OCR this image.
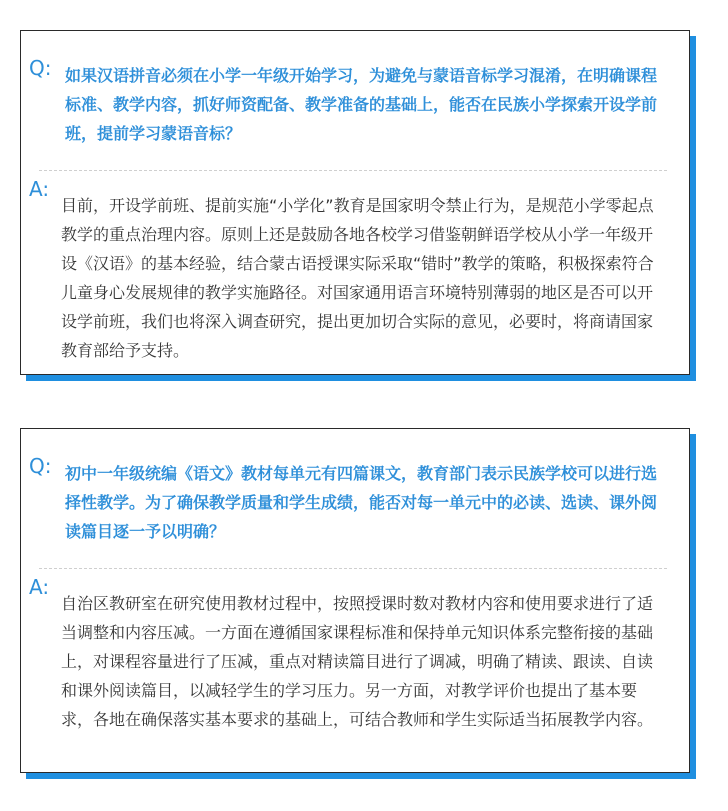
Q: 如果汉语拼音必须在小学一年级开始学习，为避免与蒙语音标学习混淆，在明确课程标准、教学内容，抓好师资配备、教学准备的基础上，能否在民族小学探索开设学前班，提前学习蒙语音标？

A:

目前，开设学前班、提前实施“小学化”教育是国家明令禁止行为，是规范小学零起点教学的重点治理内容。原则上还是鼓励各地各校学习借鉴朝鲜语学校从小学一年级开设《汉语》的基本经验，结合蒙古语授课实际采取“错时”教学的策略，积极探索符合儿童身心发展规律的教学实施路径。对国家通用语言环境特别薄弱的地区是否可以开设学前班，我们也将深入调查研究，提出更加切合实际的意见，必要时，将商请国家教育部给予支持。

Q: 初中一年级统编《语文》教材每单元有四篇课文，教育部门表示民族学校可以进行选择性教学。为了确保教学质量和学生成绩，能否对每一单元中的必读、选读、课外阅读篇目逐一予以明确？

A:

自治区教研室在研究使用教材过程中，按照授课时数对教材内容和使用要求进行了适当调整和内容压减。一方面在遵循国家课程标准和保持单元知识体系完整衔接的基础上，对课程容量进行了压减，重点对精读篇目进行了调减，明确了精读、跟读、自读和课外阅读篇目，以减轻学生的学习压力。另一方面，对教学评价也提出了基本要求，各地在确保落实基本要求的基础上，可结合教师和学生实际适当拓展教学内容。
